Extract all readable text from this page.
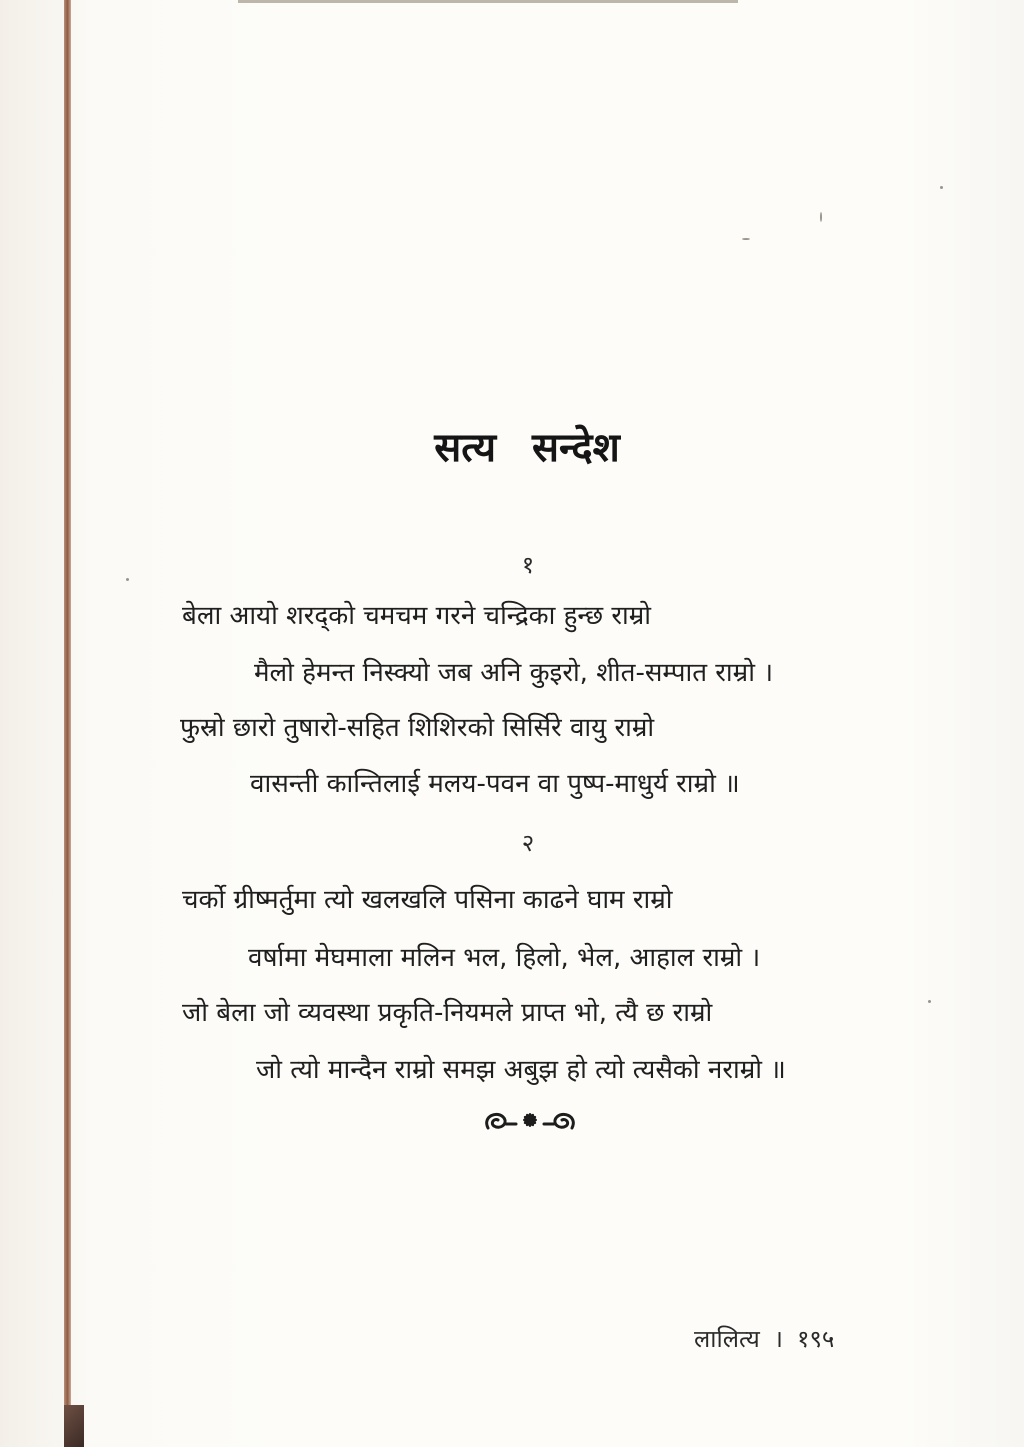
सत्य सन्देश
१
बेला आयो शरद्को चमचम गरने चन्द्रिका हुन्छ राम्रो
मैलो हेमन्त निस्क्यो जब अनि कुइरो, शीत-सम्पात राम्रो ।
फुस्रो छारो तुषारो-सहित शिशिरको सिर्सिरे वायु राम्रो
वासन्ती कान्तिलाई मलय-पवन वा पुष्प-माधुर्य राम्रो ॥
२
चर्को ग्रीष्मर्तुमा त्यो खलखलि पसिना काढने घाम राम्रो
वर्षामा मेघमाला मलिन भल, हिलो, भेल, आहाल राम्रो ।
जो बेला जो व्यवस्था प्रकृति-नियमले प्राप्त भो, त्यै छ राम्रो
जो त्यो मान्दैन राम्रो समझ अबुझ हो त्यो त्यसैको नराम्रो ॥
लालित्य । १९५
